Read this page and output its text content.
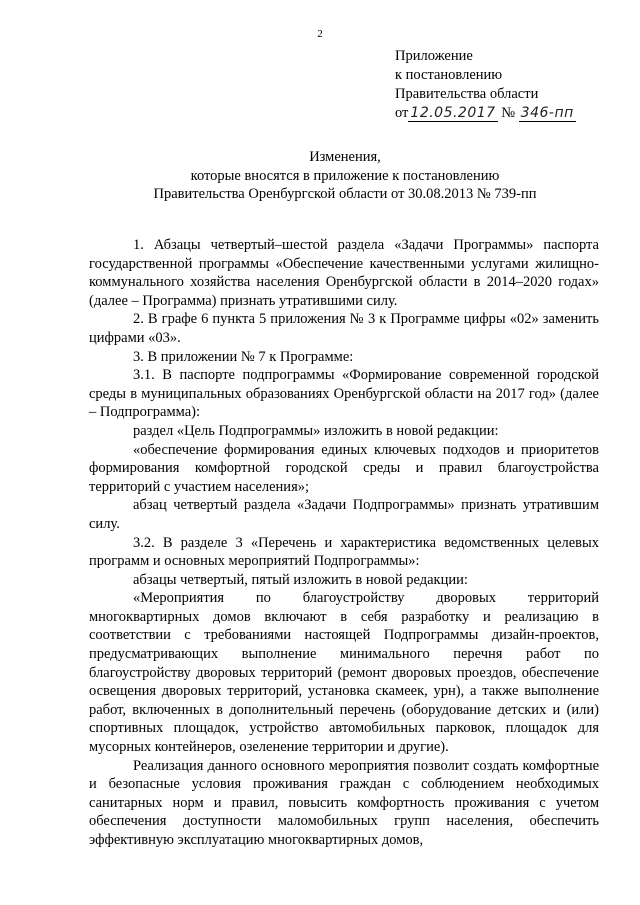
2
Приложение
к постановлению
Правительства области
от 12.05.2017 № 346-пп
Изменения,
которые вносятся в приложение к постановлению
Правительства Оренбургской области от 30.08.2013 № 739-пп

1. Абзацы четвертый–шестой раздела «Задачи Программы» паспорта государственной программы «Обеспечение качественными услугами жилищно-коммунального хозяйства населения Оренбургской области в 2014–2020 годах» (далее – Программа) признать утратившими силу.

2. В графе 6 пункта 5 приложения № 3 к Программе цифры «02» заменить цифрами «03».

3. В приложении № 7 к Программе:

3.1. В паспорте подпрограммы «Формирование современной городской среды в муниципальных образованиях Оренбургской области на 2017 год» (далее – Подпрограмма):

раздел «Цель Подпрограммы» изложить в новой редакции:

«обеспечение формирования единых ключевых подходов и приоритетов формирования комфортной городской среды и правил благоустройства территорий с участием населения»;

абзац четвертый раздела «Задачи Подпрограммы» признать утратившим силу.

3.2. В разделе 3 «Перечень и характеристика ведомственных целевых программ и основных мероприятий Подпрограммы»:

абзацы четвертый, пятый изложить в новой редакции:

«Мероприятия по благоустройству дворовых территорий многоквартирных домов включают в себя разработку и реализацию в соответствии с требованиями настоящей Подпрограммы дизайн-проектов, предусматривающих выполнение минимального перечня работ по благоустройству дворовых территорий (ремонт дворовых проездов, обеспечение освещения дворовых территорий, установка скамеек, урн), а также выполнение работ, включенных в дополнительный перечень (оборудование детских и (или) спортивных площадок, устройство автомобильных парковок, площадок для мусорных контейнеров, озеленение территории и другие).

Реализация данного основного мероприятия позволит создать комфортные и безопасные условия проживания граждан с соблюдением необходимых санитарных норм и правил, повысить комфортность проживания с учетом обеспечения доступности маломобильных групп населения, обеспечить эффективную эксплуатацию многоквартирных домов,
